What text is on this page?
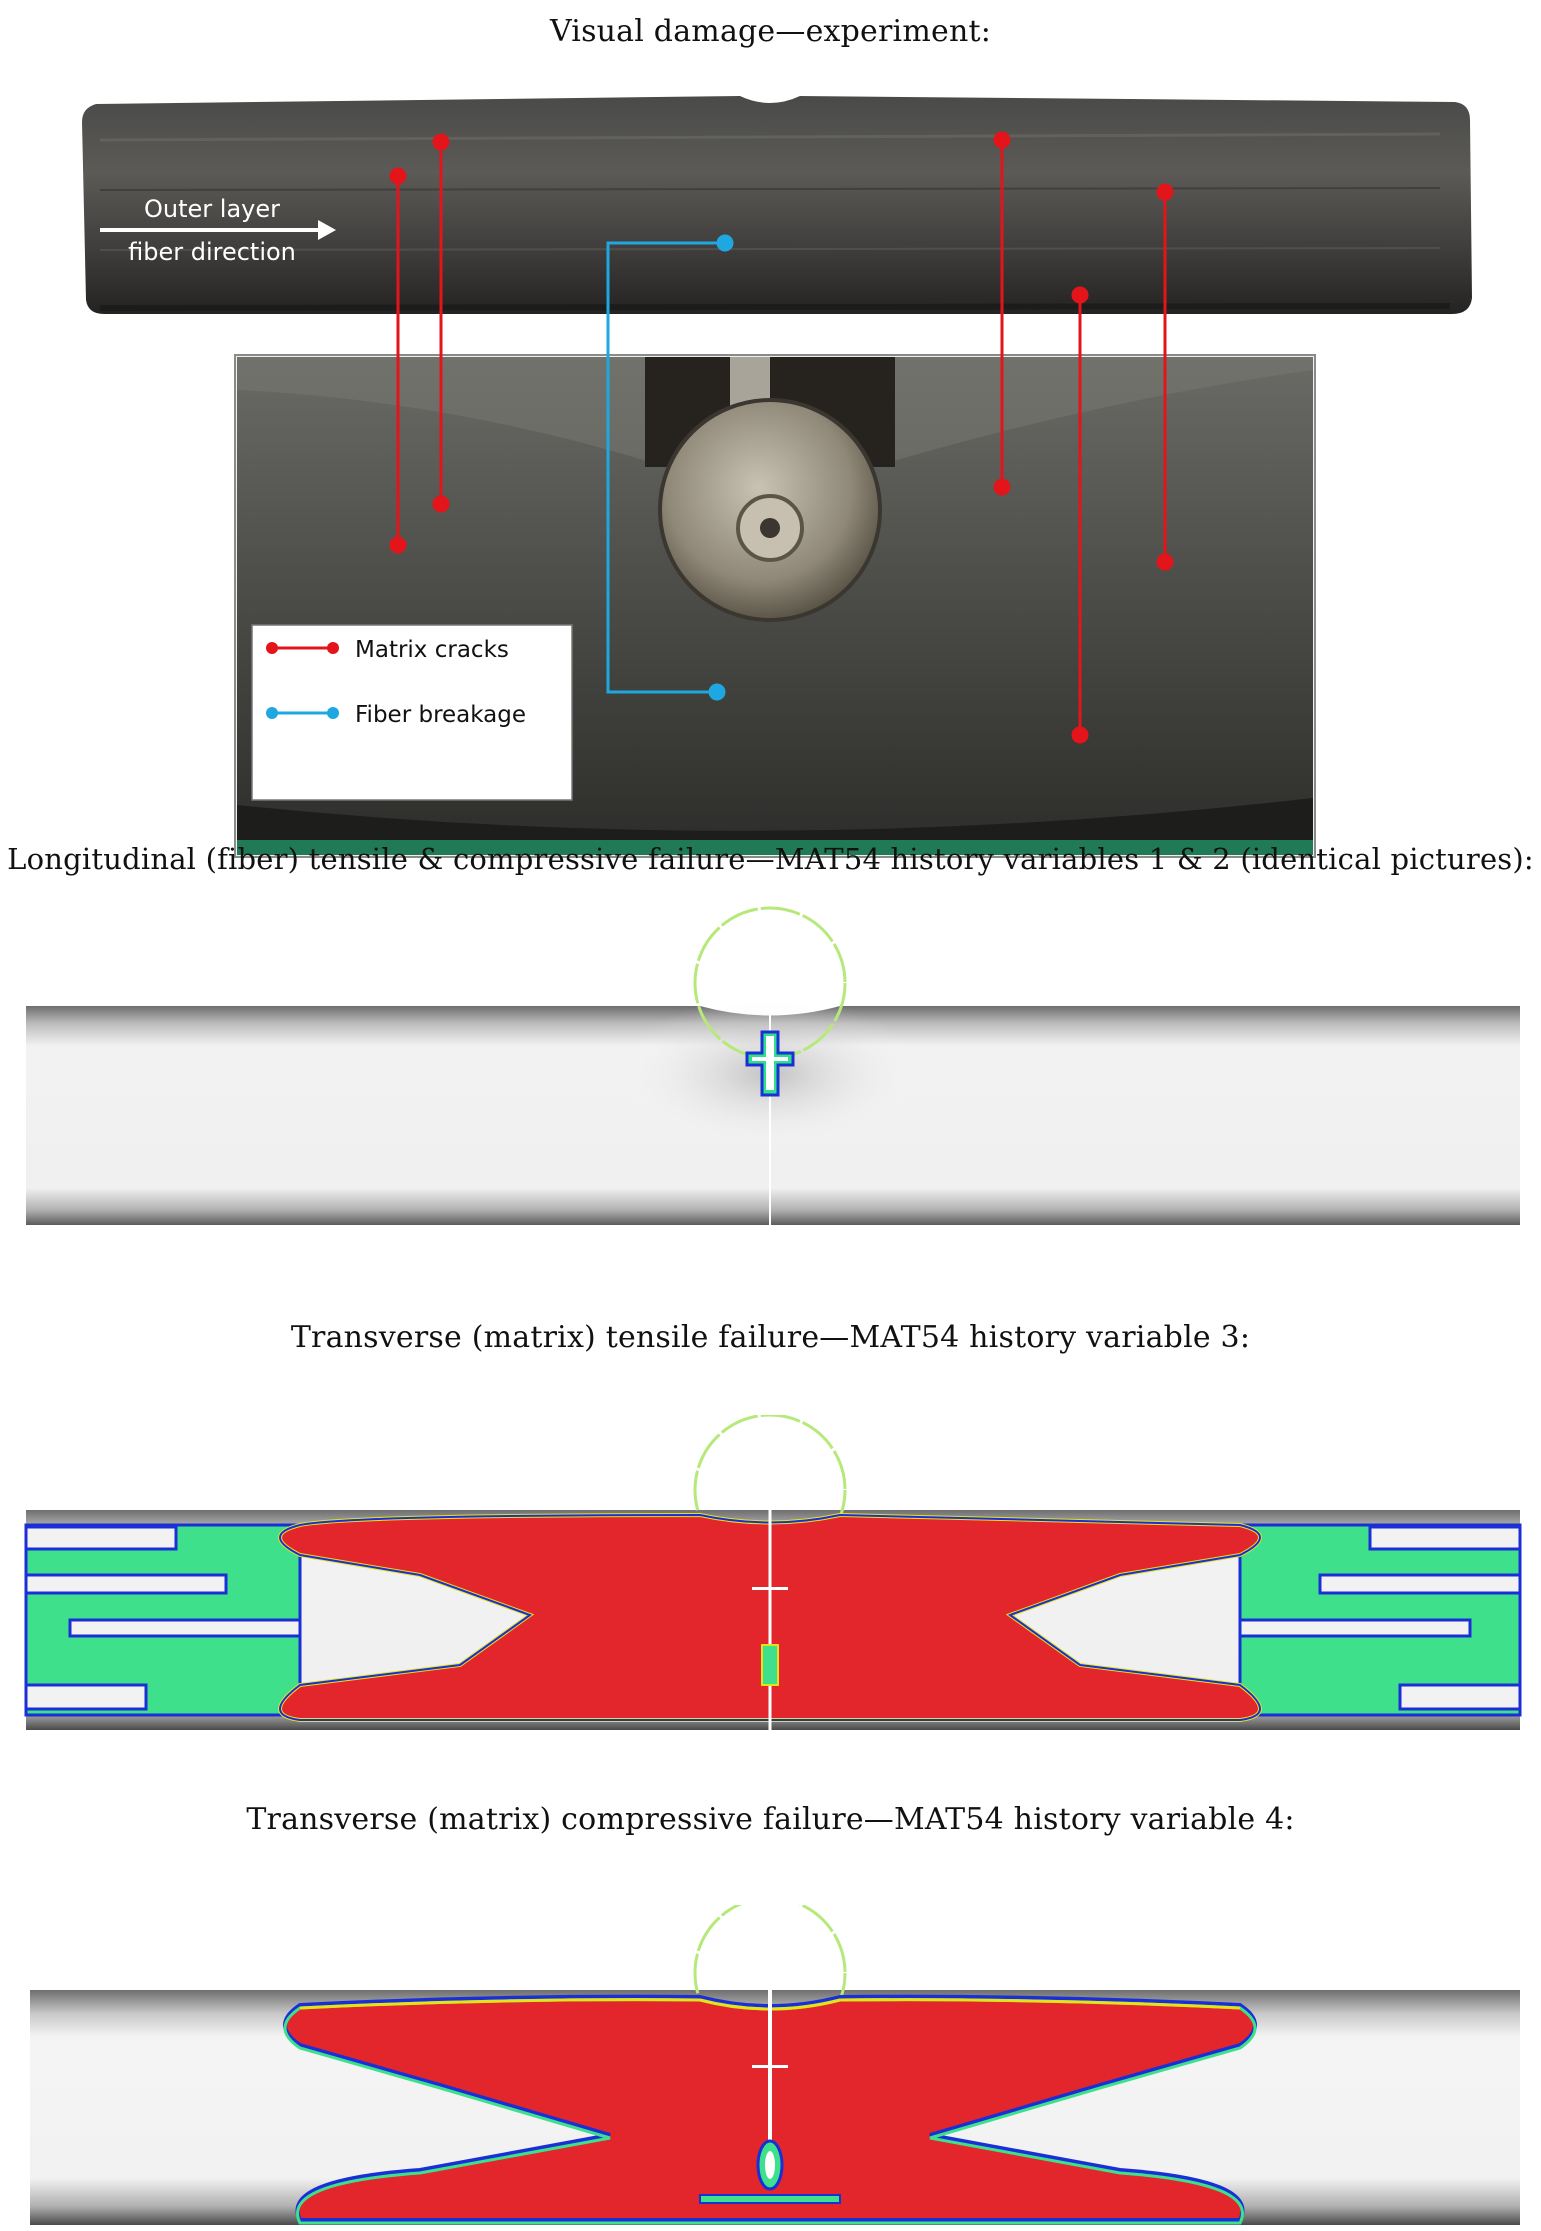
Visual damage—experiment:
Outer layer
fiber direction
Matrix cracks
Fiber breakage
Longitudinal (fiber) tensile & compressive failure—MAT54 history variables 1 & 2 (identical pictures):
Transverse (matrix) tensile failure—MAT54 history variable 3:
Transverse (matrix) compressive failure—MAT54 history variable 4:
